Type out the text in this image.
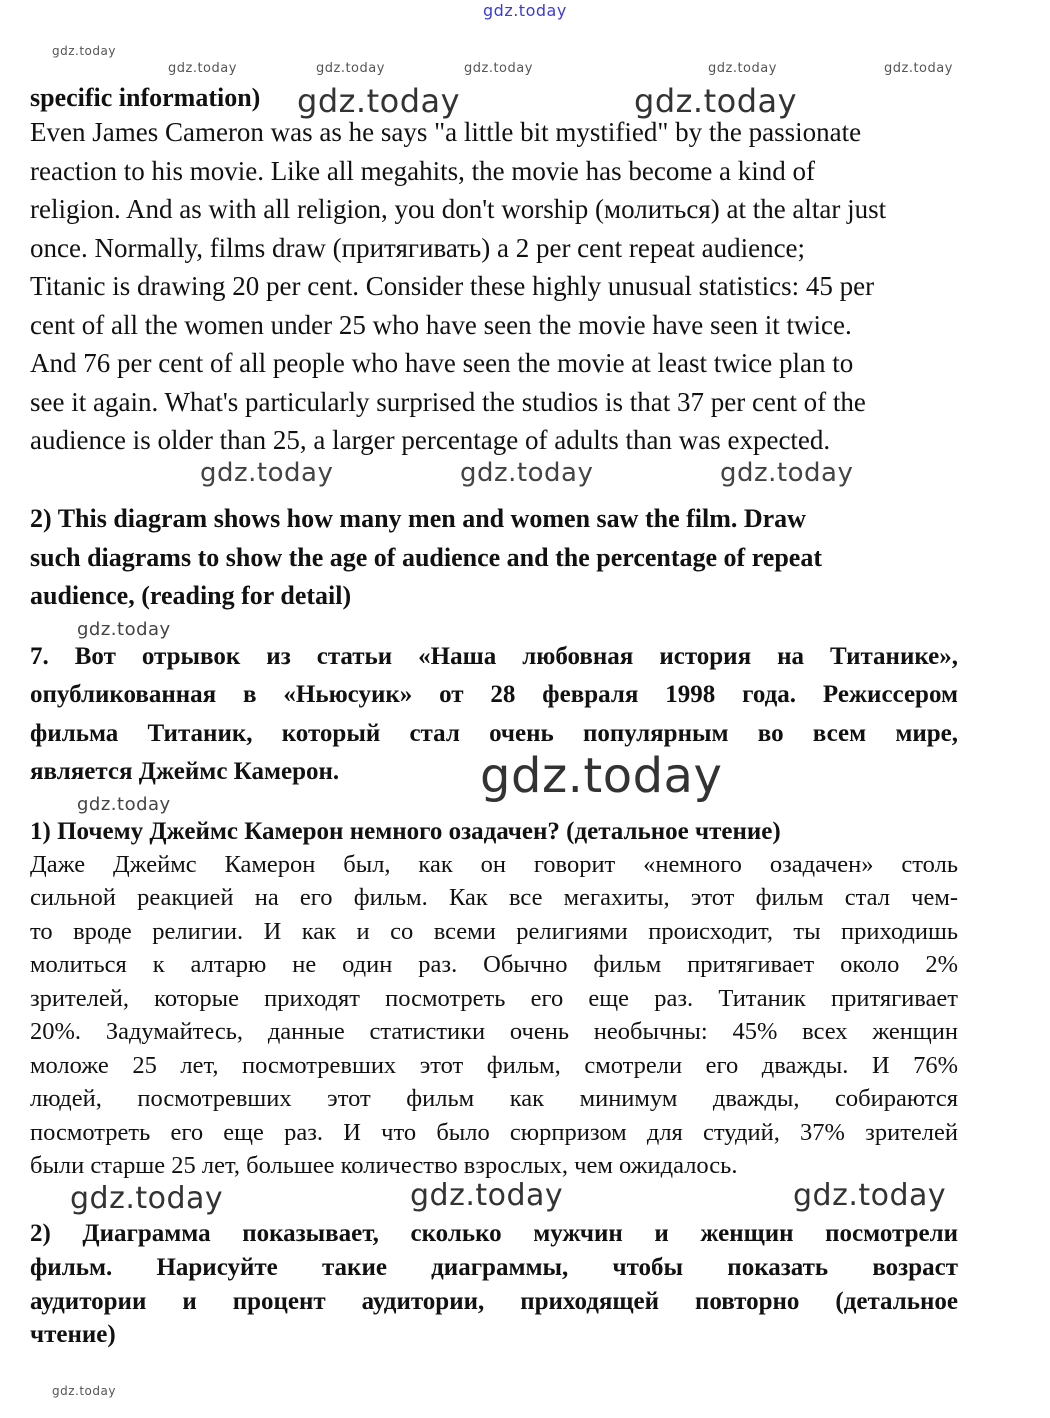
specific information)
Even James Cameron was as he says "a little bit mystified" by the passionate
reaction to his movie. Like all megahits, the movie has become a kind of
religion. And as with all religion, you don't worship (молиться) at the altar just
once. Normally, films draw (притягивать) a 2 per cent repeat audience;
Titanic is drawing 20 per cent. Consider these highly unusual statistics: 45 per
cent of all the women under 25 who have seen the movie have seen it twice.
And 76 per cent of all people who have seen the movie at least twice plan to
see it again. What's particularly surprised the studios is that 37 per cent of the
audience is older than 25, a larger percentage of adults than was expected.
2) This diagram shows how many men and women saw the film. Draw
such diagrams to show the age of audience and the percentage of repeat
audience, (reading for detail)
7. Вот отрывок из статьи «Наша любовная история на Титанике»,
опубликованная в «Ньюсуик» от 28 февраля 1998 года. Режиссером
фильма Титаник, который стал очень популярным во всем мире,
является Джеймс Камерон.
1) Почему Джеймс Камерон немного озадачен? (детальное чтение)
Даже Джеймс Камерон был, как он говорит «немного озадачен» столь
сильной реакцией на его фильм. Как все мегахиты, этот фильм стал чем-
то вроде религии. И как и со всеми религиями происходит, ты приходишь
молиться к алтарю не один раз. Обычно фильм притягивает около 2%
зрителей, которые приходят посмотреть его еще раз. Титаник притягивает
20%. Задумайтесь, данные статистики очень необычны: 45% всех женщин
моложе 25 лет, посмотревших этот фильм, смотрели его дважды. И 76%
людей, посмотревших этот фильм как минимум дважды, собираются
посмотреть его еще раз. И что было сюрпризом для студий, 37% зрителей
были старше 25 лет, большее количество взрослых, чем ожидалось.
2) Диаграмма показывает, сколько мужчин и женщин посмотрели
фильм. Нарисуйте такие диаграммы, чтобы показать возраст
аудитории и процент аудитории, приходящей повторно (детальное
чтение)
gdz.today
gdz.today	gdz.today
gdz.today
gdz.today	gdz.today	gdz.today	gdz.today	gdz.today
gdz.today	gdz.today	gdz.today
gdz.today
gdz.today
gdz.today
gdz.today
gdz.today	gdz.today	gdz.today
